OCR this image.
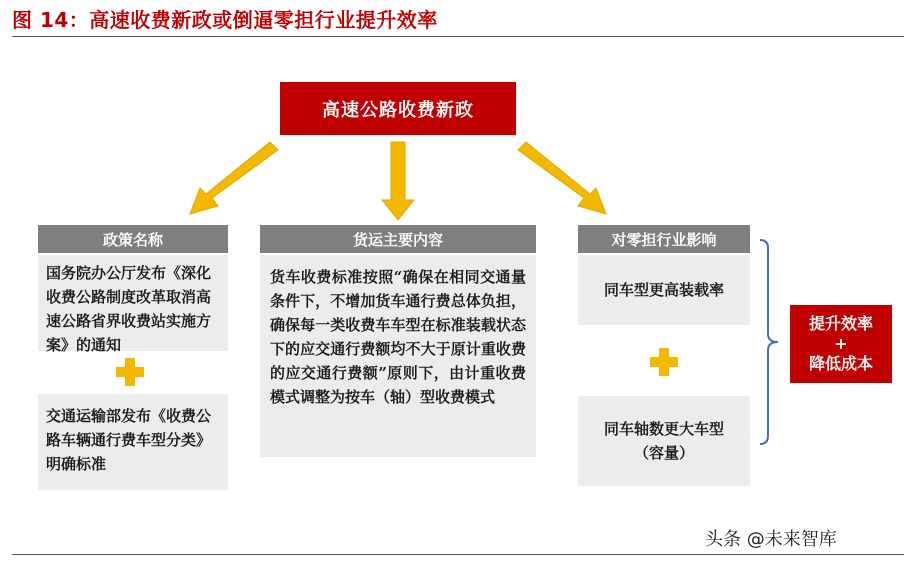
图 14：高速收费新政或倒逼零担行业提升效率
高速公路收费新政
政策名称
国务院办公厅发布《深化收费公路制度改革取消高速公路省界收费站实施方案》的通知
交通运输部发布《收费公路车辆通行费车型分类》明确标准
货运主要内容
货车收费标准按照“确保在相同交通量条件下，不增加货车通行费总体负担，确保每一类收费车车型在标准装载状态下的应交通行费额均不大于原计重收费的应交通行费额”原则下，由计重收费模式调整为按车（轴）型收费模式
对零担行业影响
同车型更高装载率
同车轴数更大车型（容量）
提升效率
+
降低成本
头条 @未来智库
